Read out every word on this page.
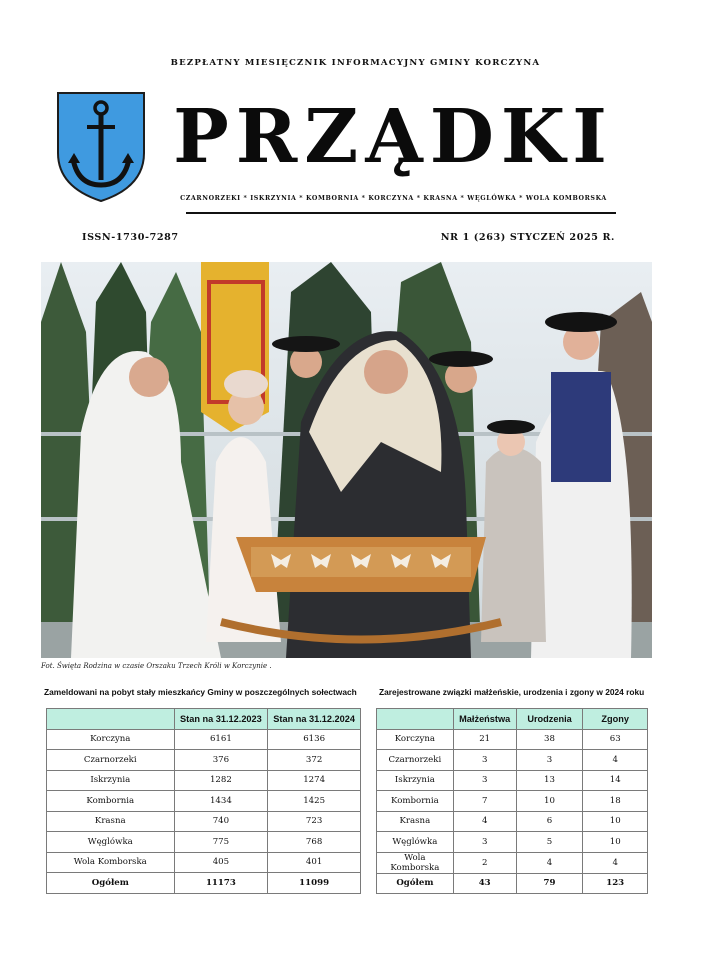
BEZPŁATNY MIESIĘCZNIK INFORMACYJNY GMINY KORCZYNA
PRZĄDKI
CZARNORZEKI * ISKRZYNIA * KOMBORNIA * KORCZYNA * KRASNA * WĘGLÓWKA * WOLA KOMBORSKA
ISSN-1730-7287	NR 1 (263) STYCZEŃ 2025 R.
Fot. Święta Rodzina w czasie Orszaku Trzech Króli w Korczynie .
Zameldowani na pobyt stały mieszkańcy Gminy w poszczególnych sołectwach	Zarejestrowane związki małżeńskie, urodzenia i zgony w 2024 roku
	Stan na 31.12.2023	Stan na 31.12.2024
Korczyna	6161	6136
Czarnorzeki	376	372
Iskrzynia	1282	1274
Kombornia	1434	1425
Krasna	740	723
Węglówka	775	768
Wola Komborska	405	401
Ogółem	11173	11099
	Małżeństwa	Urodzenia	Zgony
Korczyna	21	38	63
Czarnorzeki	3	3	4
Iskrzynia	3	13	14
Kombornia	7	10	18
Krasna	4	6	10
Węglówka	3	5	10
Wola Komborska	2	4	4
Ogółem	43	79	123
